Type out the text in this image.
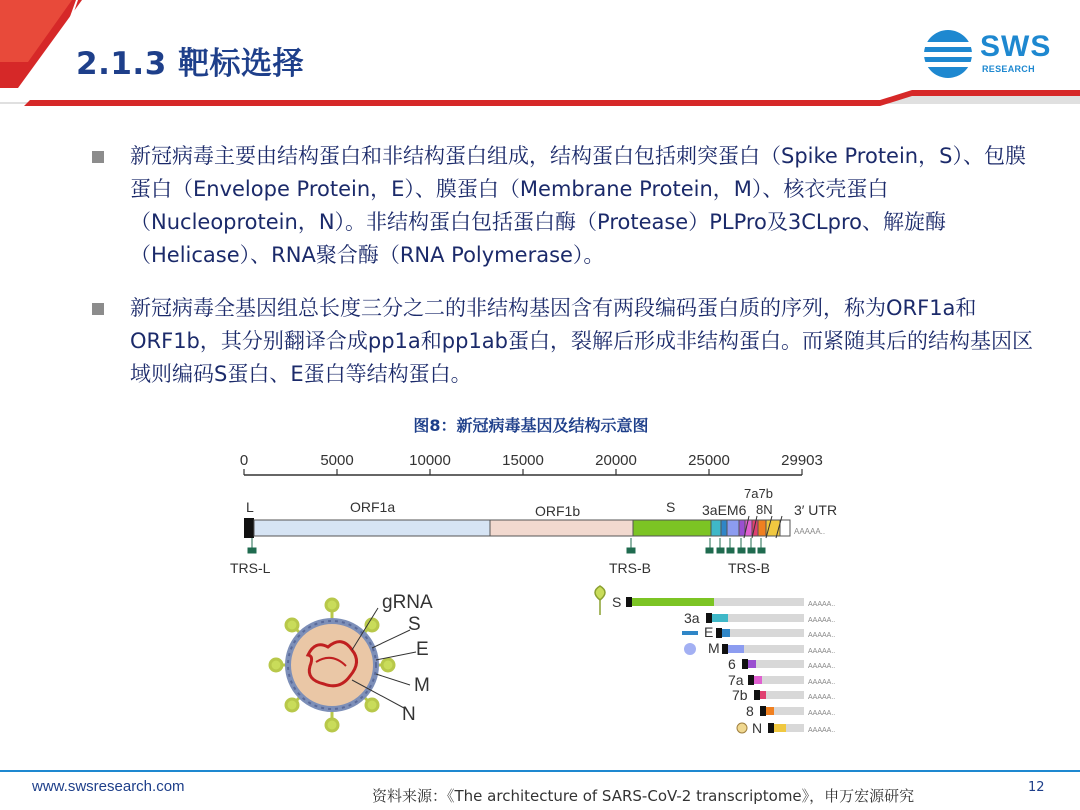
2.1.3 靶标选择	SWS
RESEARCH
新冠病毒主要由结构蛋白和非结构蛋白组成，结构蛋白包括刺突蛋白（Spike Protein，S）、包膜蛋白（Envelope Protein，E）、膜蛋白（Membrane Protein，M）、核衣壳蛋白（Nucleoprotein，N）。非结构蛋白包括蛋白酶（Protease）PLPro及3CLpro、解旋酶（Helicase）、RNA聚合酶（RNA Polymerase）。
新冠病毒全基因组总长度三分之二的非结构基因含有两段编码蛋白质的序列，称为ORF1a和ORF1b，其分别翻译合成pp1a和pp1ab蛋白，裂解后形成非结构蛋白。而紧随其后的结构基因区域则编码S蛋白、E蛋白等结构蛋白。
图8：新冠病毒基因及结构示意图
0	5000	10000	15000	20000	25000	29903
L	ORF1a	ORF1b	S 3aEM6
7a7b
8N 3′ UTR
AAAAA..
TRS-L	TRS-B	TRS-B
gRNA
S
E
M
N
S
3a
E
M
6
7a
7b
8
N
AAAAA..
AAAAA..
AAAAA..
AAAAA..
AAAAA..
AAAAA..
AAAAA..
AAAAA..
AAAAA..
www.swsresearch.com
资料来源：《The architecture of SARS-CoV-2 transcriptome》，申万宏源研究	12
